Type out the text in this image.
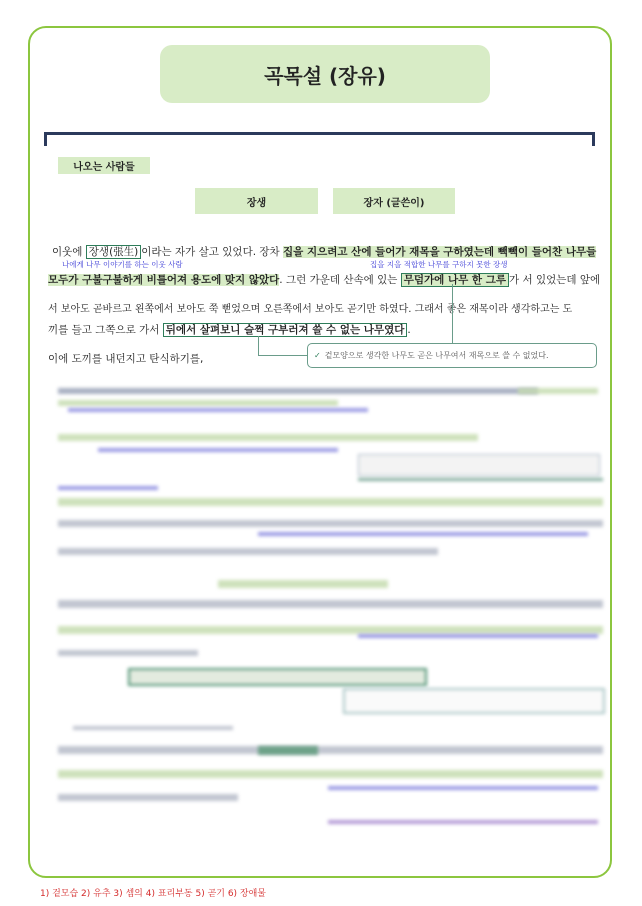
곡목설 (장유)
나오는 사람들
장생	장자 (글쓴이)
이웃에 장생(張生) 이라는 자가 살고 있었다. 장차 집을 지으려고 산에 들어가 재목을 구하였는데 빽빽이 들어찬 나무들
나에게 나무 이야기를 하는 이웃 사람	집을 지을 적합한 나무를 구하지 못한 장생
모두가 구불구불하게 비틀어져 용도에 맞지 않았다. 그런 가운데 산속에 있는 무덤가에 나무 한 그루 가 서 있었는데 앞에
서 보아도 곧바르고 왼쪽에서 보아도 쭉 뻗었으며 오른쪽에서 보아도 곧기만 하였다. 그래서 좋은 재목이라 생각하고는 도
끼를 들고 그쪽으로 가서 뒤에서 살펴보니 슬쩍 구부러져 쓸 수 없는 나무였다 .
✓ 겉모양으로 생각한 나무도 곧은 나무여서 재목으로 쓸 수 없었다.
이에 도끼를 내던지고 탄식하기를,
1) 겉모습 2) 유추 3) 셈의 4) 표리부동 5) 곧기 6) 장애물
